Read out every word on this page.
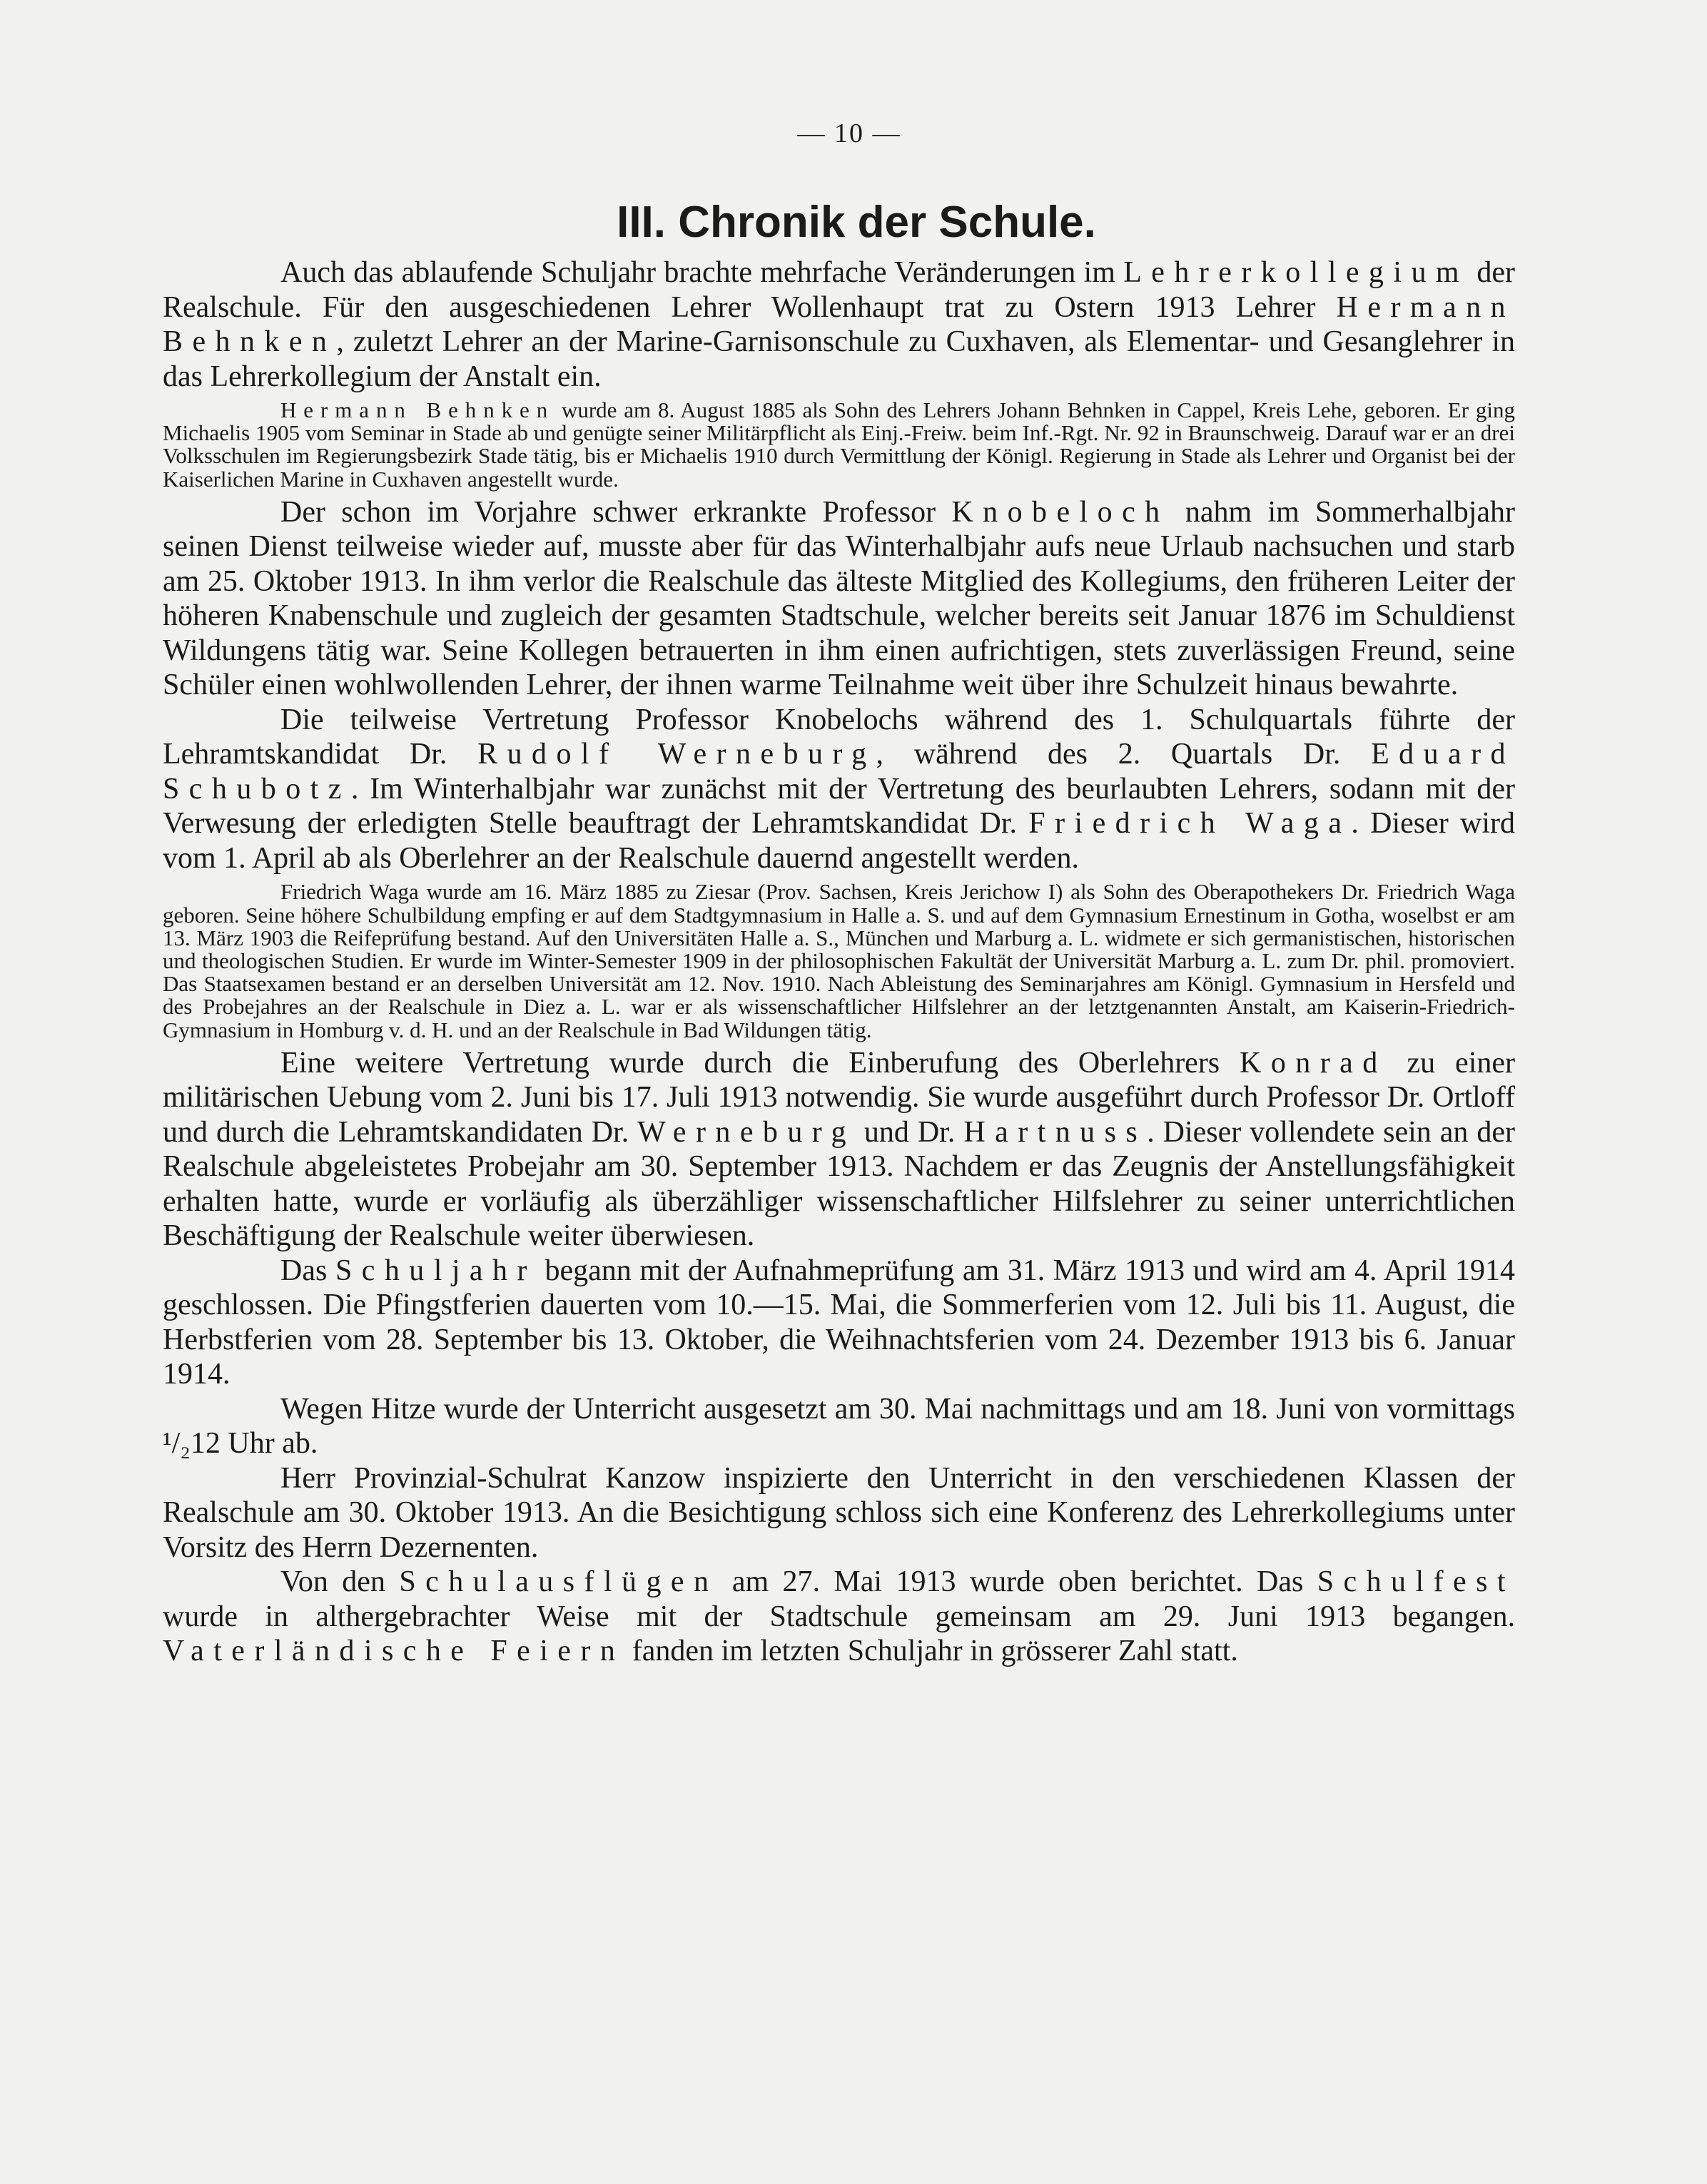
— 10 —
III. Chronik der Schule.

Auch das ablaufende Schuljahr brachte mehrfache Veränderungen im Lehrerkollegium der Realschule. Für den ausgeschiedenen Lehrer Wollenhaupt trat zu Ostern 1913 Lehrer Hermann Behnken, zuletzt Lehrer an der Marine-Garnisonschule zu Cuxhaven, als Elementar- und Gesanglehrer in das Lehrerkollegium der Anstalt ein.

Hermann Behnken wurde am 8. August 1885 als Sohn des Lehrers Johann Behnken in Cappel, Kreis Lehe, geboren. Er ging Michaelis 1905 vom Seminar in Stade ab und genügte seiner Militärpflicht als Einj.-Freiw. beim Inf.-Rgt. Nr. 92 in Braunschweig. Darauf war er an drei Volksschulen im Regierungsbezirk Stade tätig, bis er Michaelis 1910 durch Vermittlung der Königl. Regierung in Stade als Lehrer und Organist bei der Kaiserlichen Marine in Cuxhaven angestellt wurde.

Der schon im Vorjahre schwer erkrankte Professor Knobeloch nahm im Sommerhalbjahr seinen Dienst teilweise wieder auf, musste aber für das Winterhalbjahr aufs neue Urlaub nachsuchen und starb am 25. Oktober 1913. In ihm verlor die Realschule das älteste Mitglied des Kollegiums, den früheren Leiter der höheren Knabenschule und zugleich der gesamten Stadtschule, welcher bereits seit Januar 1876 im Schuldienst Wildungens tätig war. Seine Kollegen betrauerten in ihm einen aufrichtigen, stets zuverlässigen Freund, seine Schüler einen wohlwollenden Lehrer, der ihnen warme Teilnahme weit über ihre Schulzeit hinaus bewahrte.

Die teilweise Vertretung Professor Knobelochs während des 1. Schulquartals führte der Lehramtskandidat Dr. Rudolf Werneburg, während des 2. Quartals Dr. Eduard Schubotz. Im Winterhalbjahr war zunächst mit der Vertretung des beurlaubten Lehrers, sodann mit der Verwesung der erledigten Stelle beauftragt der Lehramtskandidat Dr. Friedrich Waga. Dieser wird vom 1. April ab als Oberlehrer an der Realschule dauernd angestellt werden.

Friedrich Waga wurde am 16. März 1885 zu Ziesar (Prov. Sachsen, Kreis Jerichow I) als Sohn des Oberapothekers Dr. Friedrich Waga geboren. Seine höhere Schulbildung empfing er auf dem Stadtgymnasium in Halle a. S. und auf dem Gymnasium Ernestinum in Gotha, woselbst er am 13. März 1903 die Reifeprüfung bestand. Auf den Universitäten Halle a. S., München und Marburg a. L. widmete er sich germanistischen, historischen und theologischen Studien. Er wurde im Winter-Semester 1909 in der philosophischen Fakultät der Universität Marburg a. L. zum Dr. phil. promoviert. Das Staatsexamen bestand er an derselben Universität am 12. Nov. 1910. Nach Ableistung des Seminarjahres am Königl. Gymnasium in Hersfeld und des Probejahres an der Realschule in Diez a. L. war er als wissenschaftlicher Hilfslehrer an der letztgenannten Anstalt, am Kaiserin-Friedrich-Gymnasium in Homburg v. d. H. und an der Realschule in Bad Wildungen tätig.

Eine weitere Vertretung wurde durch die Einberufung des Oberlehrers Konrad zu einer militärischen Uebung vom 2. Juni bis 17. Juli 1913 notwendig. Sie wurde ausgeführt durch Professor Dr. Ortloff und durch die Lehramtskandidaten Dr. Werneburg und Dr. Hartnuss. Dieser vollendete sein an der Realschule abgeleistetes Probejahr am 30. September 1913. Nachdem er das Zeugnis der Anstellungsfähigkeit erhalten hatte, wurde er vorläufig als überzähliger wissenschaftlicher Hilfslehrer zu seiner unterrichtlichen Beschäftigung der Realschule weiter überwiesen.

Das Schuljahr begann mit der Aufnahmeprüfung am 31. März 1913 und wird am 4. April 1914 geschlossen. Die Pfingstferien dauerten vom 10.—15. Mai, die Sommerferien vom 12. Juli bis 11. August, die Herbstferien vom 28. September bis 13. Oktober, die Weihnachtsferien vom 24. Dezember 1913 bis 6. Januar 1914.

Wegen Hitze wurde der Unterricht ausgesetzt am 30. Mai nachmittags und am 18. Juni von vormittags ¹/₂12 Uhr ab.

Herr Provinzial-Schulrat Kanzow inspizierte den Unterricht in den verschiedenen Klassen der Realschule am 30. Oktober 1913. An die Besichtigung schloss sich eine Konferenz des Lehrerkollegiums unter Vorsitz des Herrn Dezernenten.

Von den Schulausflügen am 27. Mai 1913 wurde oben berichtet. Das Schulfest wurde in althergebrachter Weise mit der Stadtschule gemeinsam am 29. Juni 1913 begangen. Vaterländische Feiern fanden im letzten Schuljahr in grösserer Zahl statt.
